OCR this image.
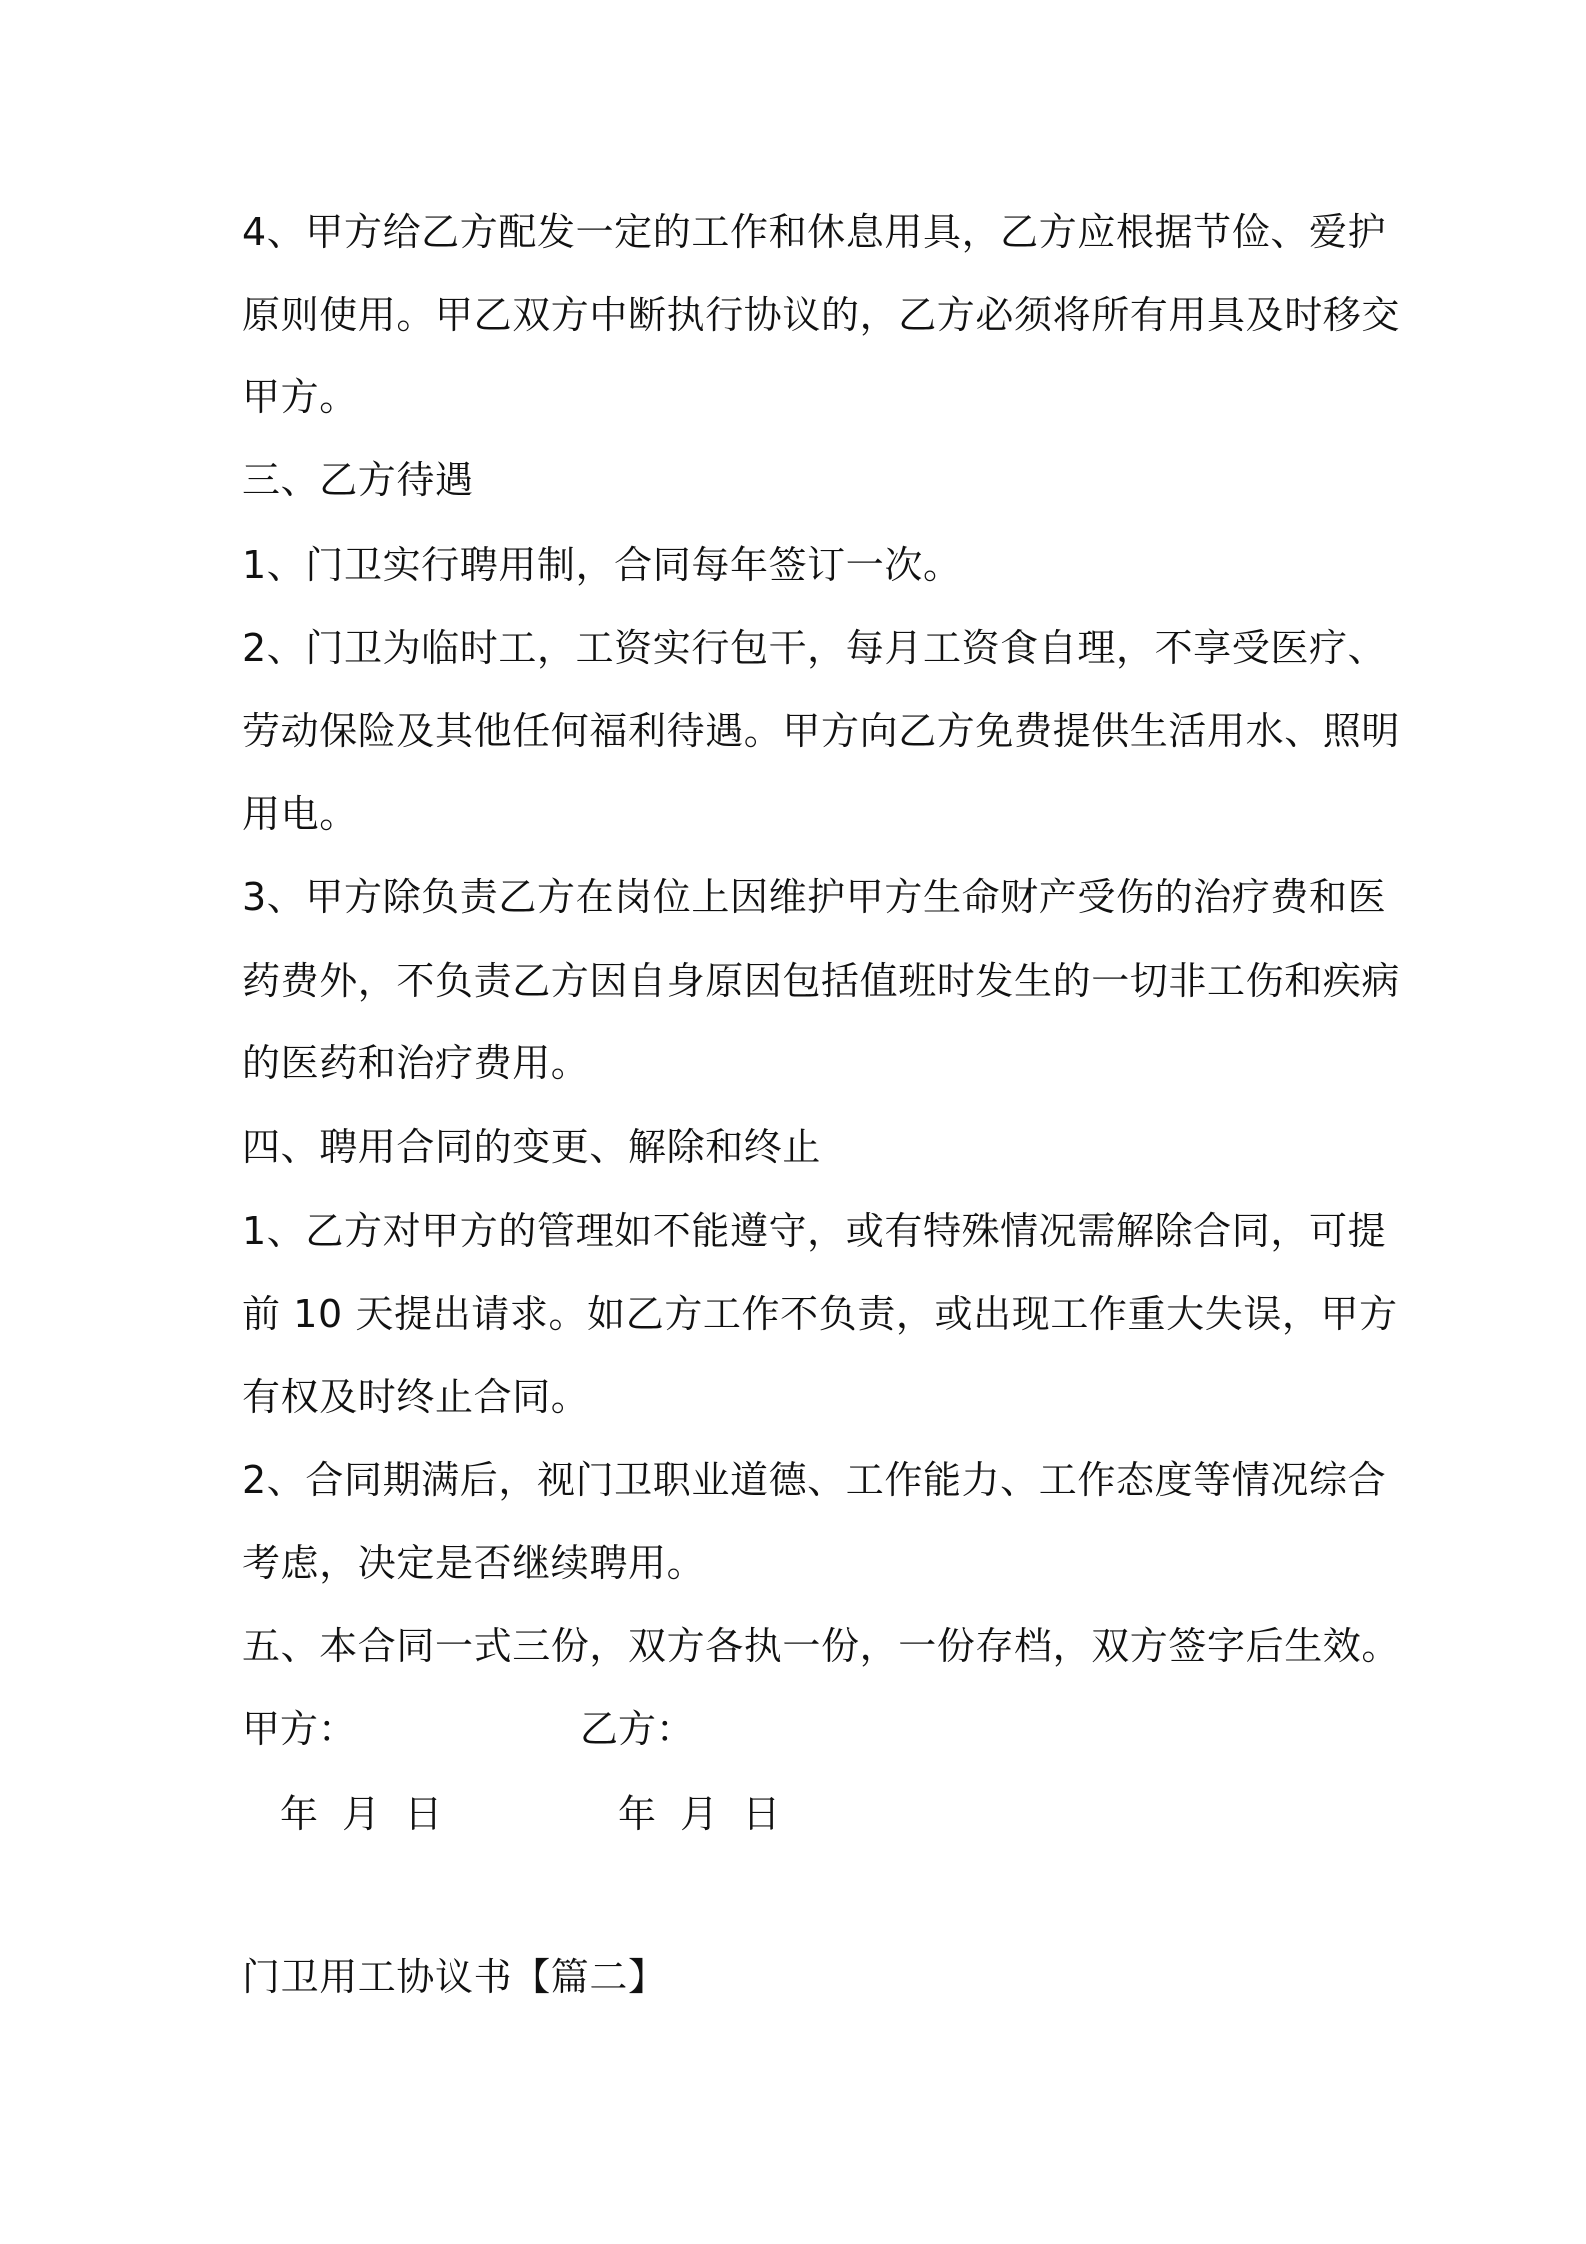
4、甲方给乙方配发一定的工作和休息用具，乙方应根据节俭、爱护
原则使用。甲乙双方中断执行协议的，乙方必须将所有用具及时移交
甲方。
三、乙方待遇
1、门卫实行聘用制，合同每年签订一次。
2、门卫为临时工，工资实行包干，每月工资食自理，不享受医疗、
劳动保险及其他任何福利待遇。甲方向乙方免费提供生活用水、照明
用电。
3、甲方除负责乙方在岗位上因维护甲方生命财产受伤的治疗费和医
药费外，不负责乙方因自身原因包括值班时发生的一切非工伤和疾病
的医药和治疗费用。
四、聘用合同的变更、解除和终止
1、乙方对甲方的管理如不能遵守，或有特殊情况需解除合同，可提
前 10 天提出请求。如乙方工作不负责，或出现工作重大失误，甲方
有权及时终止合同。
2、合同期满后，视门卫职业道德、工作能力、工作态度等情况综合
考虑，决定是否继续聘用。
五、本合同一式三份，双方各执一份，一份存档，双方签字后生效。
甲方：	乙方：
年  月  日	年  月  日
门卫用工协议书【篇二】
